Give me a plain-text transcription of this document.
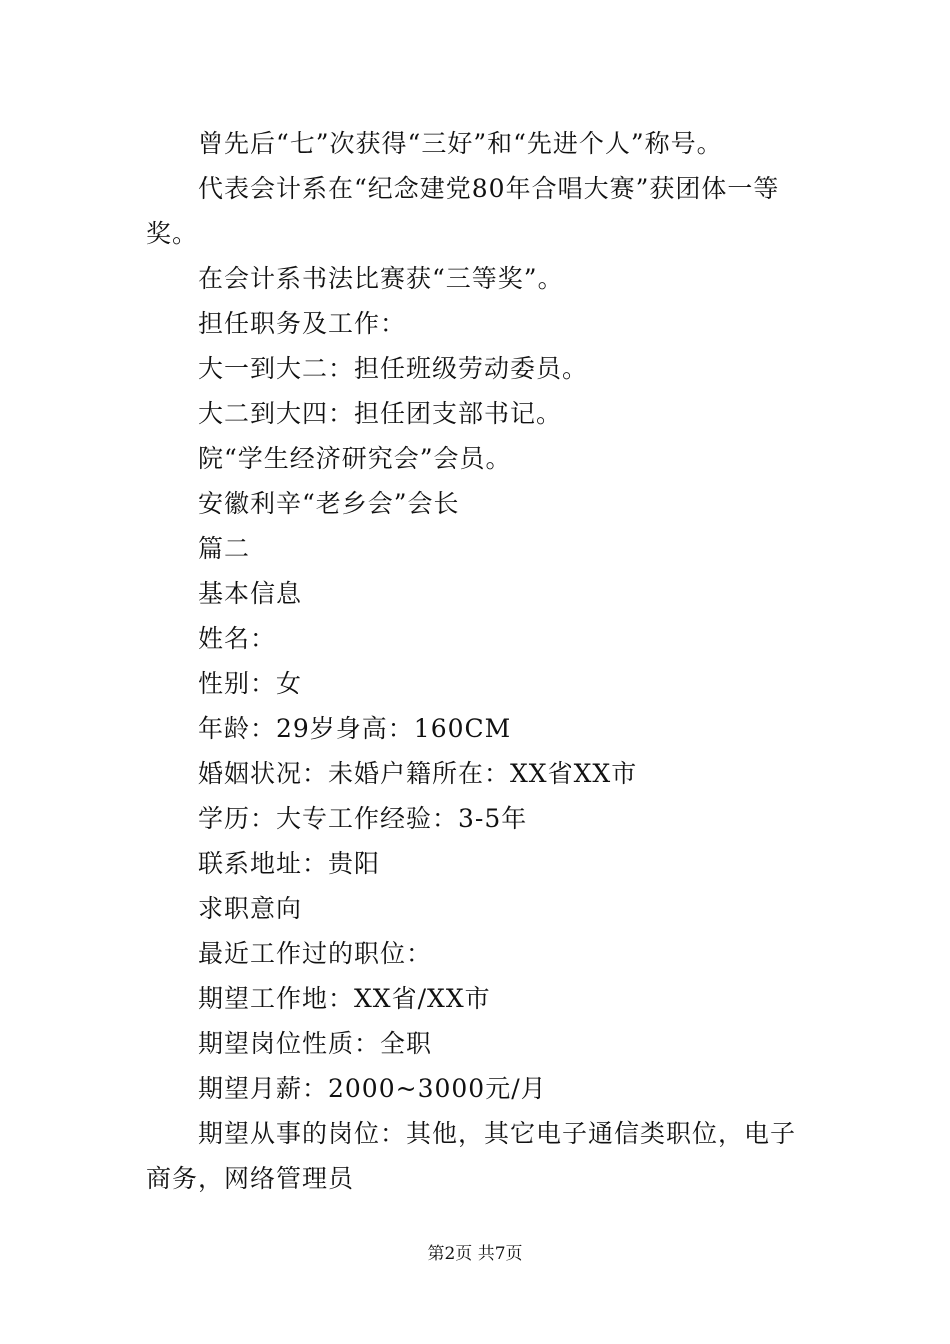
曾先后“七”次获得“三好”和“先进个人”称号。

代表会计系在“纪念建党80年合唱大赛”获团体一等奖。

在会计系书法比赛获“三等奖”。

担任职务及工作：

大一到大二：担任班级劳动委员。

大二到大四：担任团支部书记。

院“学生经济研究会”会员。

安徽利辛“老乡会”会长

篇二

基本信息

姓名：

性别：女

年龄：29岁身高：160CM

婚姻状况：未婚户籍所在：XX省XX市

学历：大专工作经验：3-5年

联系地址：贵阳

求职意向

最近工作过的职位：

期望工作地：XX省/XX市

期望岗位性质：全职

期望月薪：2000~3000元/月

期望从事的岗位：其他，其它电子通信类职位，电子商务，网络管理员

第2页 共7页
